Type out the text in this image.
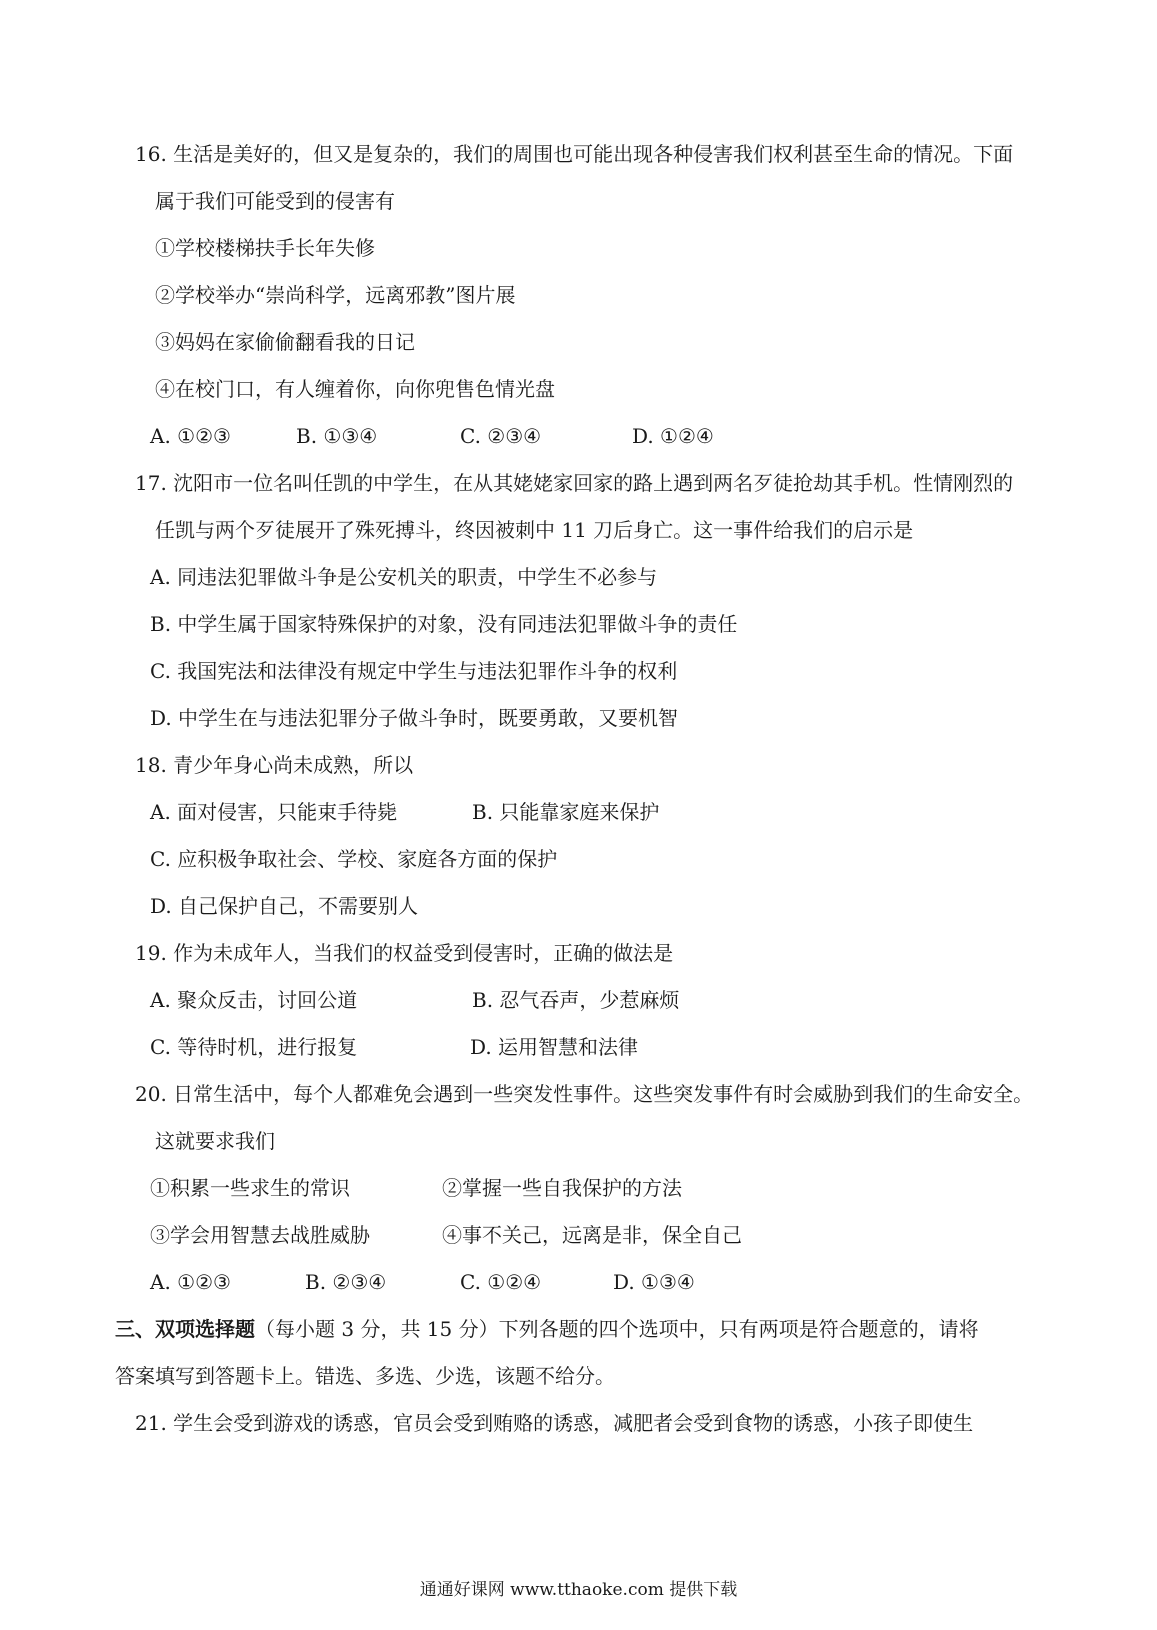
16. 生活是美好的，但又是复杂的，我们的周围也可能出现各种侵害我们权利甚至生命的情况。下面
属于我们可能受到的侵害有
①学校楼梯扶手长年失修
②学校举办“崇尚科学，远离邪教”图片展
③妈妈在家偷偷翻看我的日记
④在校门口，有人缠着你，向你兜售色情光盘
A. ①②③	B. ①③④	C. ②③④	D. ①②④
17. 沈阳市一位名叫任凯的中学生，在从其姥姥家回家的路上遇到两名歹徒抢劫其手机。性情刚烈的
任凯与两个歹徒展开了殊死搏斗，终因被刺中 11 刀后身亡。这一事件给我们的启示是
A. 同违法犯罪做斗争是公安机关的职责，中学生不必参与
B. 中学生属于国家特殊保护的对象，没有同违法犯罪做斗争的责任
C. 我国宪法和法律没有规定中学生与违法犯罪作斗争的权利
D. 中学生在与违法犯罪分子做斗争时，既要勇敢，又要机智
18. 青少年身心尚未成熟，所以
A. 面对侵害，只能束手待毙	B. 只能靠家庭来保护
C. 应积极争取社会、学校、家庭各方面的保护
D. 自己保护自己，不需要别人
19. 作为未成年人，当我们的权益受到侵害时，正确的做法是
A. 聚众反击，讨回公道	B. 忍气吞声，少惹麻烦
C. 等待时机，进行报复	D. 运用智慧和法律
20. 日常生活中，每个人都难免会遇到一些突发性事件。这些突发事件有时会威胁到我们的生命安全。
这就要求我们
①积累一些求生的常识	②掌握一些自我保护的方法
③学会用智慧去战胜威胁	④事不关己，远离是非，保全自己
A. ①②③	B. ②③④	C. ①②④	D. ①③④
三、双项选择题（每小题 3 分，共 15 分）下列各题的四个选项中，只有两项是符合题意的，请将
答案填写到答题卡上。错选、多选、少选，该题不给分。
21. 学生会受到游戏的诱惑，官员会受到贿赂的诱惑，减肥者会受到食物的诱惑，小孩子即使生
通通好课网 www.tthaoke.com 提供下载
